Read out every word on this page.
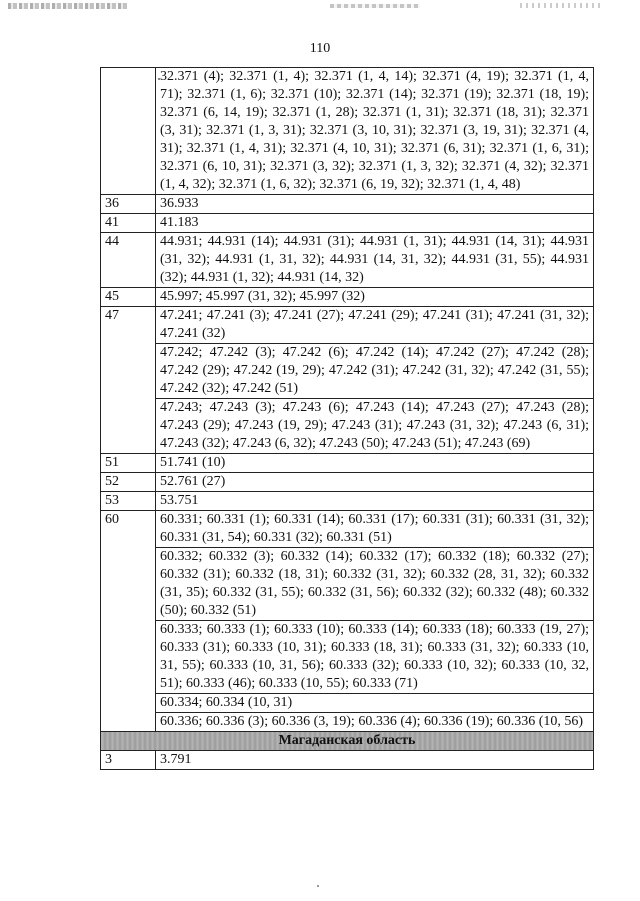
110
	32.371 (4); 32.371 (1, 4); 32.371 (1, 4, 14); 32.371 (4, 19); 32.371 (1, 4, 71); 32.371 (1, 6); 32.371 (10); 32.371 (14); 32.371 (19); 32.371 (18, 19); 32.371 (6, 14, 19); 32.371 (1, 28); 32.371 (1, 31); 32.371 (18, 31); 32.371 (3, 31); 32.371 (1, 3, 31); 32.371 (3, 10, 31); 32.371 (3, 19, 31); 32.371 (4, 31); 32.371 (1, 4, 31); 32.371 (4, 10, 31); 32.371 (6, 31); 32.371 (1, 6, 31); 32.371 (6, 10, 31); 32.371 (3, 32); 32.371 (1, 3, 32); 32.371 (4, 32); 32.371 (1, 4, 32); 32.371 (1, 6, 32); 32.371 (6, 19, 32); 32.371 (1, 4, 48)
36	36.933
41	41.183
44	44.931; 44.931 (14); 44.931 (31); 44.931 (1, 31); 44.931 (14, 31); 44.931 (31, 32); 44.931 (1, 31, 32); 44.931 (14, 31, 32); 44.931 (31, 55); 44.931 (32); 44.931 (1, 32); 44.931 (14, 32)
45	45.997; 45.997 (31, 32); 45.997 (32)
47	47.241; 47.241 (3); 47.241 (27); 47.241 (29); 47.241 (31); 47.241 (31, 32); 47.241 (32)
	47.242; 47.242 (3); 47.242 (6); 47.242 (14); 47.242 (27); 47.242 (28); 47.242 (29); 47.242 (19, 29); 47.242 (31); 47.242 (31, 32); 47.242 (31, 55); 47.242 (32); 47.242 (51)
	47.243; 47.243 (3); 47.243 (6); 47.243 (14); 47.243 (27); 47.243 (28); 47.243 (29); 47.243 (19, 29); 47.243 (31); 47.243 (31, 32); 47.243 (6, 31); 47.243 (32); 47.243 (6, 32); 47.243 (50); 47.243 (51); 47.243 (69)
51	51.741 (10)
52	52.761 (27)
53	53.751
60	60.331; 60.331 (1); 60.331 (14); 60.331 (17); 60.331 (31); 60.331 (31, 32); 60.331 (31, 54); 60.331 (32); 60.331 (51)
	60.332; 60.332 (3); 60.332 (14); 60.332 (17); 60.332 (18); 60.332 (27); 60.332 (31); 60.332 (18, 31); 60.332 (31, 32); 60.332 (28, 31, 32); 60.332 (31, 35); 60.332 (31, 55); 60.332 (31, 56); 60.332 (32); 60.332 (48); 60.332 (50); 60.332 (51)
	60.333; 60.333 (1); 60.333 (10); 60.333 (14); 60.333 (18); 60.333 (19, 27); 60.333 (31); 60.333 (10, 31); 60.333 (18, 31); 60.333 (31, 32); 60.333 (10, 31, 55); 60.333 (10, 31, 56); 60.333 (32); 60.333 (10, 32); 60.333 (10, 32, 51); 60.333 (46); 60.333 (10, 55); 60.333 (71)
	60.334; 60.334 (10, 31)
	60.336; 60.336 (3); 60.336 (3, 19); 60.336 (4); 60.336 (19); 60.336 (10, 56)
Магаданская область	
3	3.791
